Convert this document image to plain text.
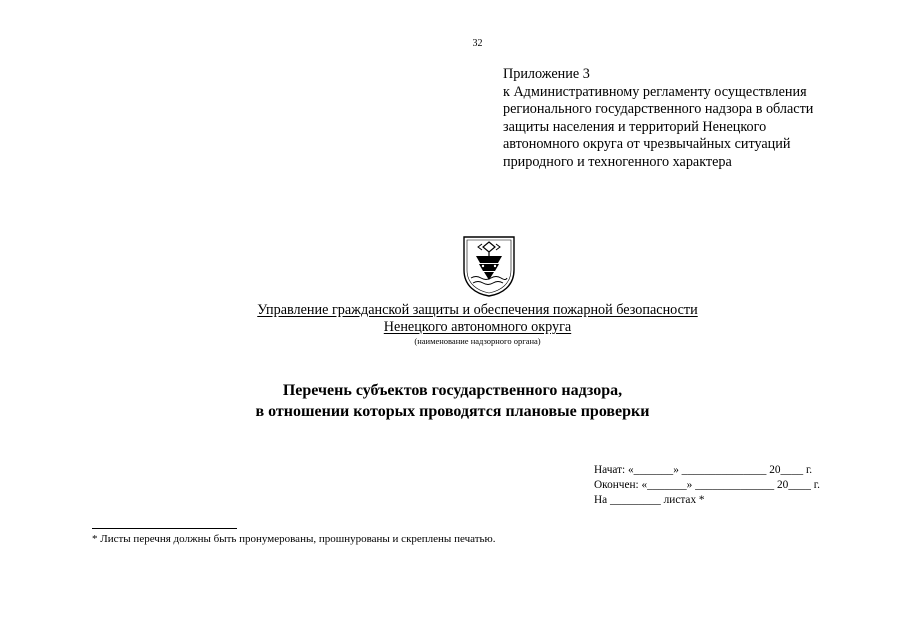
32
Приложение 3
к Административному регламенту осуществления
регионального государственного надзора в области
защиты населения и территорий Ненецкого
автономного округа от чрезвычайных ситуаций
природного и техногенного характера
Управление гражданской защиты и обеспечения пожарной безопасности
Ненецкого автономного округа
(наименование надзорного органа)
Перечень субъектов государственного надзора,
в отношении которых проводятся плановые проверки
Начат: «_______» _______________ 20____ г.
Окончен: «_______» ______________ 20____ г.
На _________ листах *
* Листы перечня должны быть пронумерованы, прошнурованы и скреплены печатью.
